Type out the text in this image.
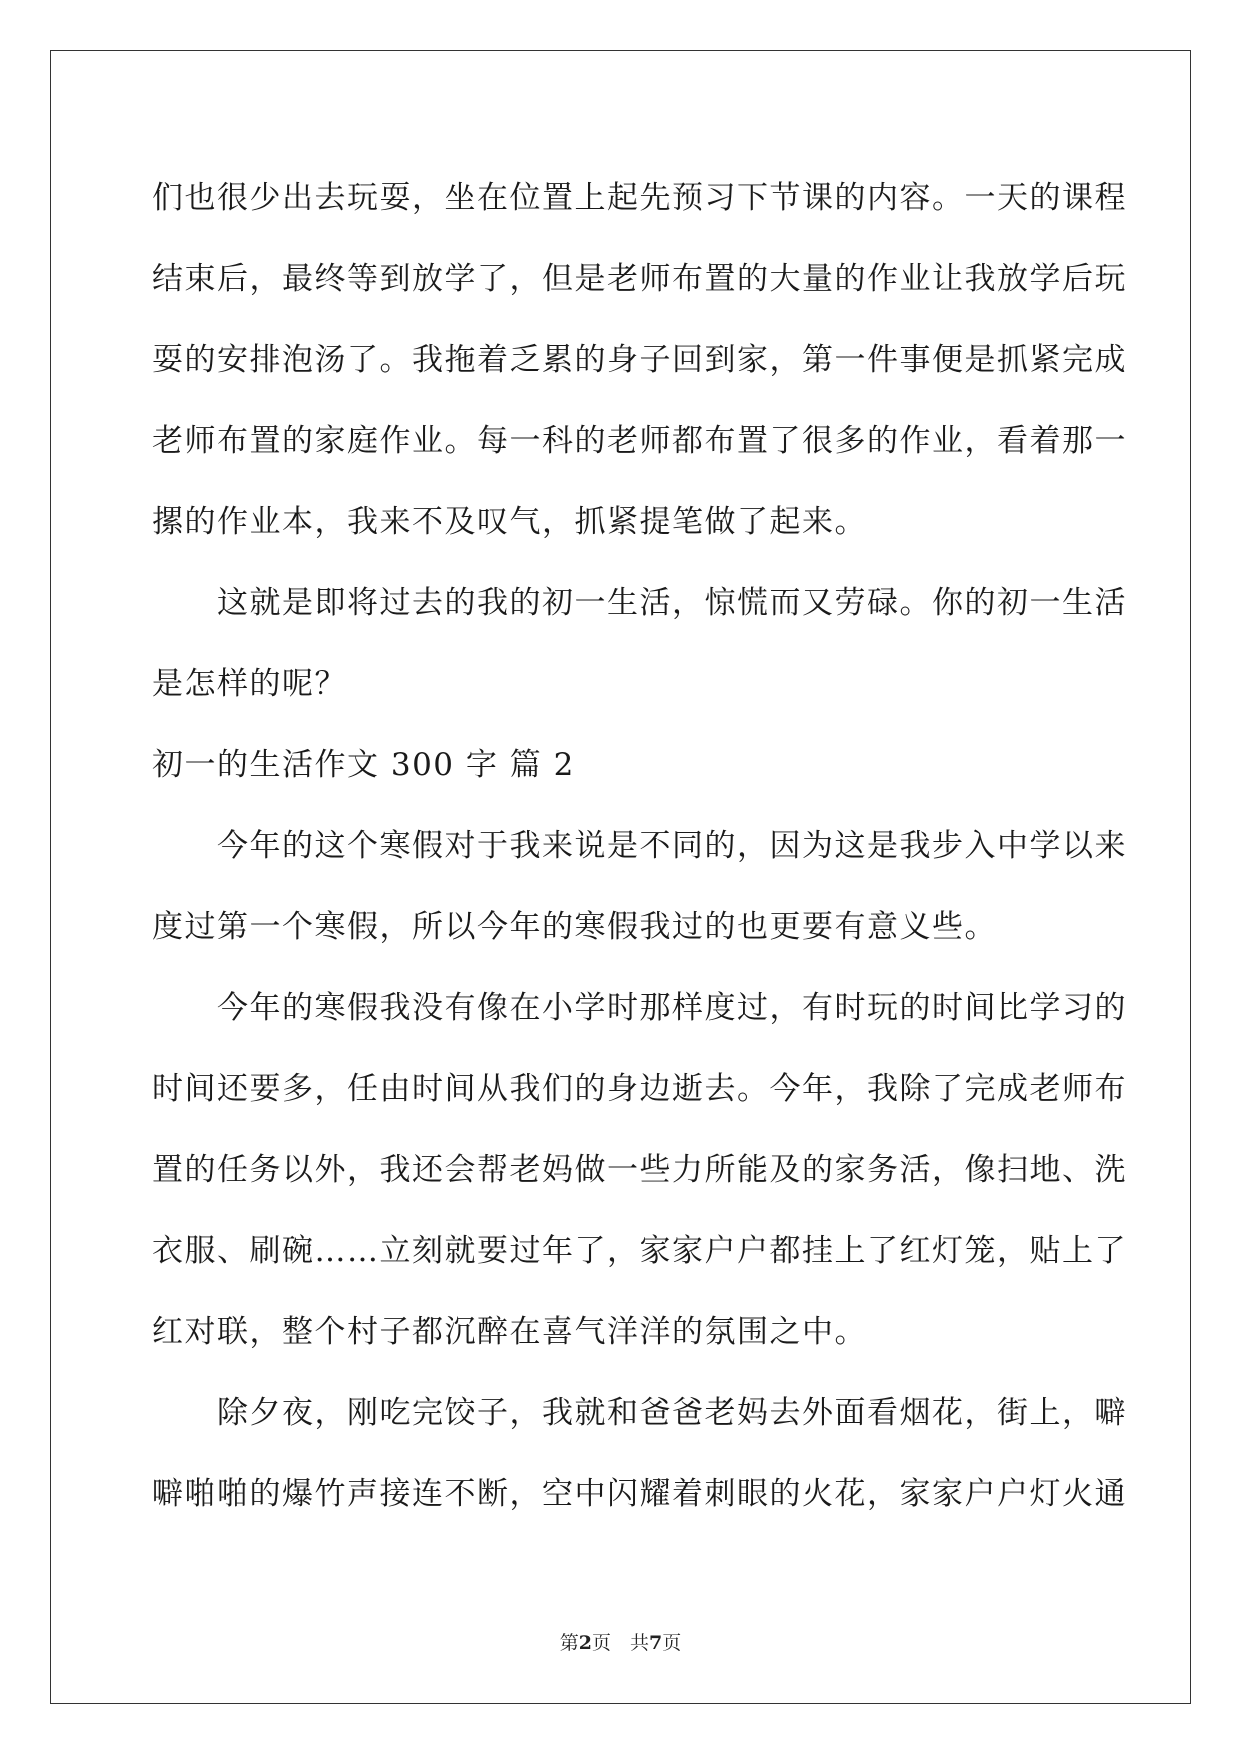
们也很少出去玩耍，坐在位置上起先预习下节课的内容。一天的课程
结束后，最终等到放学了，但是老师布置的大量的作业让我放学后玩
耍的安排泡汤了。我拖着乏累的身子回到家，第一件事便是抓紧完成
老师布置的家庭作业。每一科的老师都布置了很多的作业，看着那一
摞的作业本，我来不及叹气，抓紧提笔做了起来。
　　这就是即将过去的我的初一生活，惊慌而又劳碌。你的初一生活
是怎样的呢？
初一的生活作文 300 字 篇 2
　　今年的这个寒假对于我来说是不同的，因为这是我步入中学以来
度过第一个寒假，所以今年的寒假我过的也更要有意义些。
　　今年的寒假我没有像在小学时那样度过，有时玩的时间比学习的
时间还要多，任由时间从我们的身边逝去。今年，我除了完成老师布
置的任务以外，我还会帮老妈做一些力所能及的家务活，像扫地、洗
衣服、刷碗……立刻就要过年了，家家户户都挂上了红灯笼，贴上了
红对联，整个村子都沉醉在喜气洋洋的氛围之中。
　　除夕夜，刚吃完饺子，我就和爸爸老妈去外面看烟花，街上，噼
噼啪啪的爆竹声接连不断，空中闪耀着刺眼的火花，家家户户灯火通
第2页　共7页
